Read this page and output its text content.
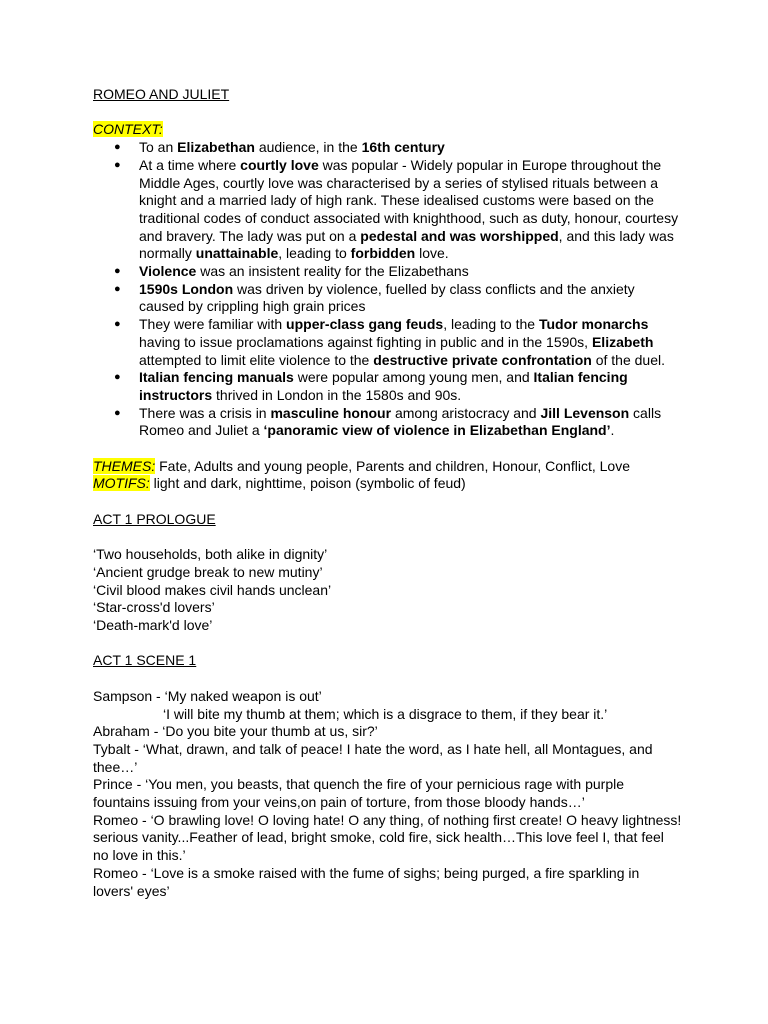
ROMEO AND JULIET

CONTEXT:

● To an Elizabethan audience, in the 16th century
● At a time where courtly love was popular - Widely popular in Europe throughout the Middle Ages, courtly love was characterised by a series of stylised rituals between a knight and a married lady of high rank. These idealised customs were based on the traditional codes of conduct associated with knighthood, such as duty, honour, courtesy and bravery. The lady was put on a pedestal and was worshipped, and this lady was normally unattainable, leading to forbidden love.
● Violence was an insistent reality for the Elizabethans
● 1590s London was driven by violence, fuelled by class conflicts and the anxiety caused by crippling high grain prices
● They were familiar with upper-class gang feuds, leading to the Tudor monarchs having to issue proclamations against fighting in public and in the 1590s, Elizabeth attempted to limit elite violence to the destructive private confrontation of the duel.
● Italian fencing manuals were popular among young men, and Italian fencing instructors thrived in London in the 1580s and 90s.
● There was a crisis in masculine honour among aristocracy and Jill Levenson calls Romeo and Juliet a ‘panoramic view of violence in Elizabethan England’.

THEMES: Fate, Adults and young people, Parents and children, Honour, Conflict, Love

MOTIFS: light and dark, nighttime, poison (symbolic of feud)

ACT 1 PROLOGUE

‘Two households, both alike in dignity’

‘Ancient grudge break to new mutiny’

‘Civil blood makes civil hands unclean’

‘Star-cross'd lovers’

‘Death-mark'd love’

ACT 1 SCENE 1

Sampson - ‘My naked weapon is out’

‘I will bite my thumb at them; which is a disgrace to them, if they bear it.’

Abraham - ‘Do you bite your thumb at us, sir?’

Tybalt - ‘What, drawn, and talk of peace! I hate the word, as I hate hell, all Montagues, and thee…’

Prince - ‘You men, you beasts, that quench the fire of your pernicious rage with purple fountains issuing from your veins,on pain of torture, from those bloody hands…’

Romeo - ‘O brawling love! O loving hate! O any thing, of nothing first create! O heavy lightness! serious vanity...Feather of lead, bright smoke, cold fire, sick health…This love feel I, that feel no love in this.’

Romeo - ‘Love is a smoke raised with the fume of sighs; being purged, a fire sparkling in lovers' eyes’
